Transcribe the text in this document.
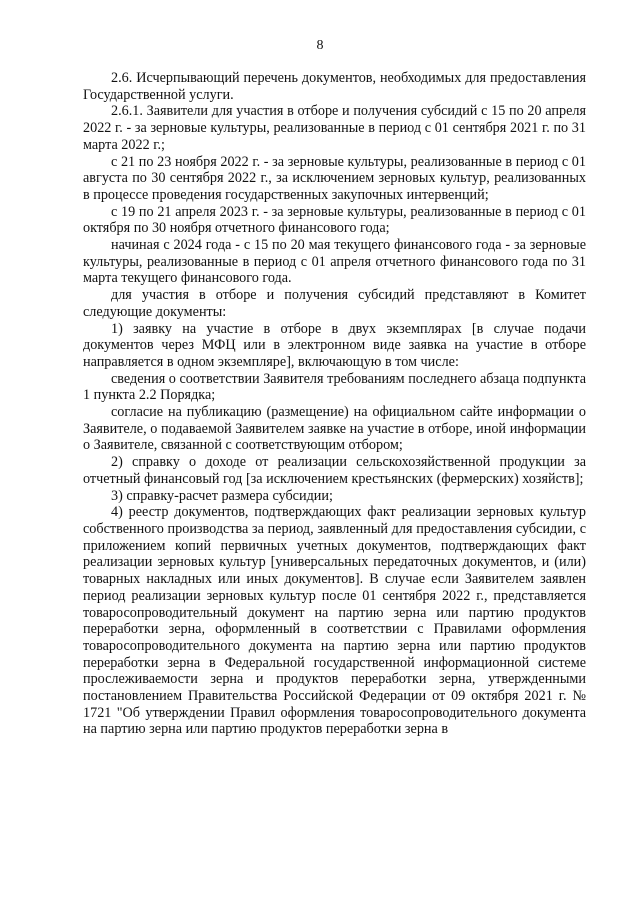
8

2.6. Исчерпывающий перечень документов, необходимых для предоставления Государственной услуги.

2.6.1. Заявители для участия в отборе и получения субсидий с 15 по 20 апреля 2022 г. - за зерновые культуры, реализованные в период с 01 сентября 2021 г. по 31 марта 2022 г.;

с 21 по 23 ноября 2022 г. - за зерновые культуры, реализованные в период с 01 августа по 30 сентября 2022 г., за исключением зерновых культур, реализованных в процессе проведения государственных закупочных интервенций;

с 19 по 21 апреля 2023 г. - за зерновые культуры, реализованные в период с 01 октября по 30 ноября отчетного финансового года;

начиная с 2024 года - с 15 по 20 мая текущего финансового года - за зерновые культуры, реализованные в период с 01 апреля отчетного финансового года по 31 марта текущего финансового года.

для участия в отборе и получения субсидий представляют в Комитет следующие документы:

1) заявку на участие в отборе в двух экземплярах [в случае подачи документов через МФЦ или в электронном виде заявка на участие в отборе направляется в одном экземпляре], включающую в том числе:

сведения о соответствии Заявителя требованиям последнего абзаца подпункта 1 пункта 2.2 Порядка;

согласие на публикацию (размещение) на официальном сайте информации о Заявителе, о подаваемой Заявителем заявке на участие в отборе, иной информации о Заявителе, связанной с соответствующим отбором;

2) справку о доходе от реализации сельскохозяйственной продукции за отчетный финансовый год [за исключением крестьянских (фермерских) хозяйств];

3) справку-расчет размера субсидии;

4) реестр документов, подтверждающих факт реализации зерновых культур собственного производства за период, заявленный для предоставления субсидии, с приложением копий первичных учетных документов, подтверждающих факт реализации зерновых культур [универсальных передаточных документов, и (или) товарных накладных или иных документов]. В случае если Заявителем заявлен период реализации зерновых культур после 01 сентября 2022 г., представляется товаросопроводительный документ на партию зерна или партию продуктов переработки зерна, оформленный в соответствии с Правилами оформления товаросопроводительного документа на партию зерна или партию продуктов переработки зерна в Федеральной государственной информационной системе прослеживаемости зерна и продуктов переработки зерна, утвержденными постановлением Правительства Российской Федерации от 09 октября 2021 г. № 1721 "Об утверждении Правил оформления товаросопроводительного документа на партию зерна или партию продуктов переработки зерна в
